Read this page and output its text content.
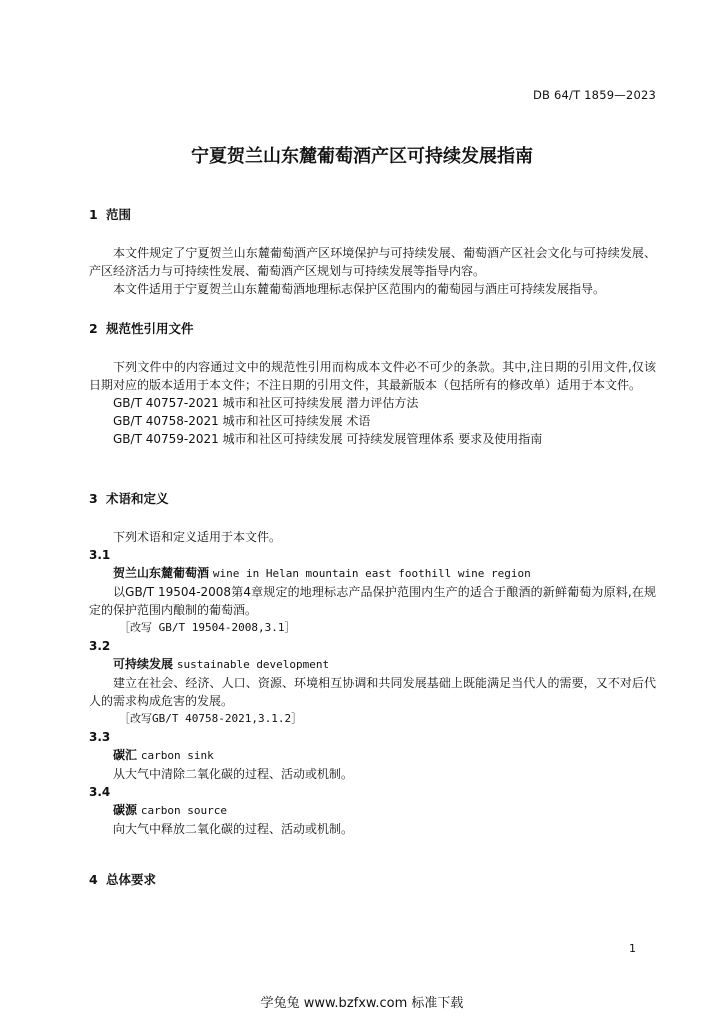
DB 64/T 1859—2023
宁夏贺兰山东麓葡萄酒产区可持续发展指南
1 范围
本文件规定了宁夏贺兰山东麓葡萄酒产区环境保护与可持续发展、葡萄酒产区社会文化与可持续发展、产区经济活力与可持续性发展、葡萄酒产区规划与可持续发展等指导内容。
本文件适用于宁夏贺兰山东麓葡萄酒地理标志保护区范围内的葡萄园与酒庄可持续发展指导。
2 规范性引用文件
下列文件中的内容通过文中的规范性引用而构成本文件必不可少的条款。其中,注日期的引用文件,仅该日期对应的版本适用于本文件；不注日期的引用文件，其最新版本（包括所有的修改单）适用于本文件。
GB/T 40757-2021 城市和社区可持续发展 潜力评估方法
GB/T 40758-2021 城市和社区可持续发展 术语
GB/T 40759-2021 城市和社区可持续发展 可持续发展管理体系 要求及使用指南
3 术语和定义
下列术语和定义适用于本文件。
3.1
贺兰山东麓葡萄酒 wine in Helan mountain east foothill wine region
以GB/T 19504-2008第4章规定的地理标志产品保护范围内生产的适合于酿酒的新鲜葡萄为原料,在规定的保护范围内酿制的葡萄酒。
［改写 GB/T 19504-2008,3.1］
3.2
可持续发展 sustainable development
建立在社会、经济、人口、资源、环境相互协调和共同发展基础上既能满足当代人的需要，又不对后代人的需求构成危害的发展。
［改写GB/T 40758-2021,3.1.2］
3.3
碳汇 carbon sink
从大气中清除二氧化碳的过程、活动或机制。
3.4
碳源 carbon source
向大气中释放二氧化碳的过程、活动或机制。
4 总体要求
1
学兔兔 www.bzfxw.com 标准下载
